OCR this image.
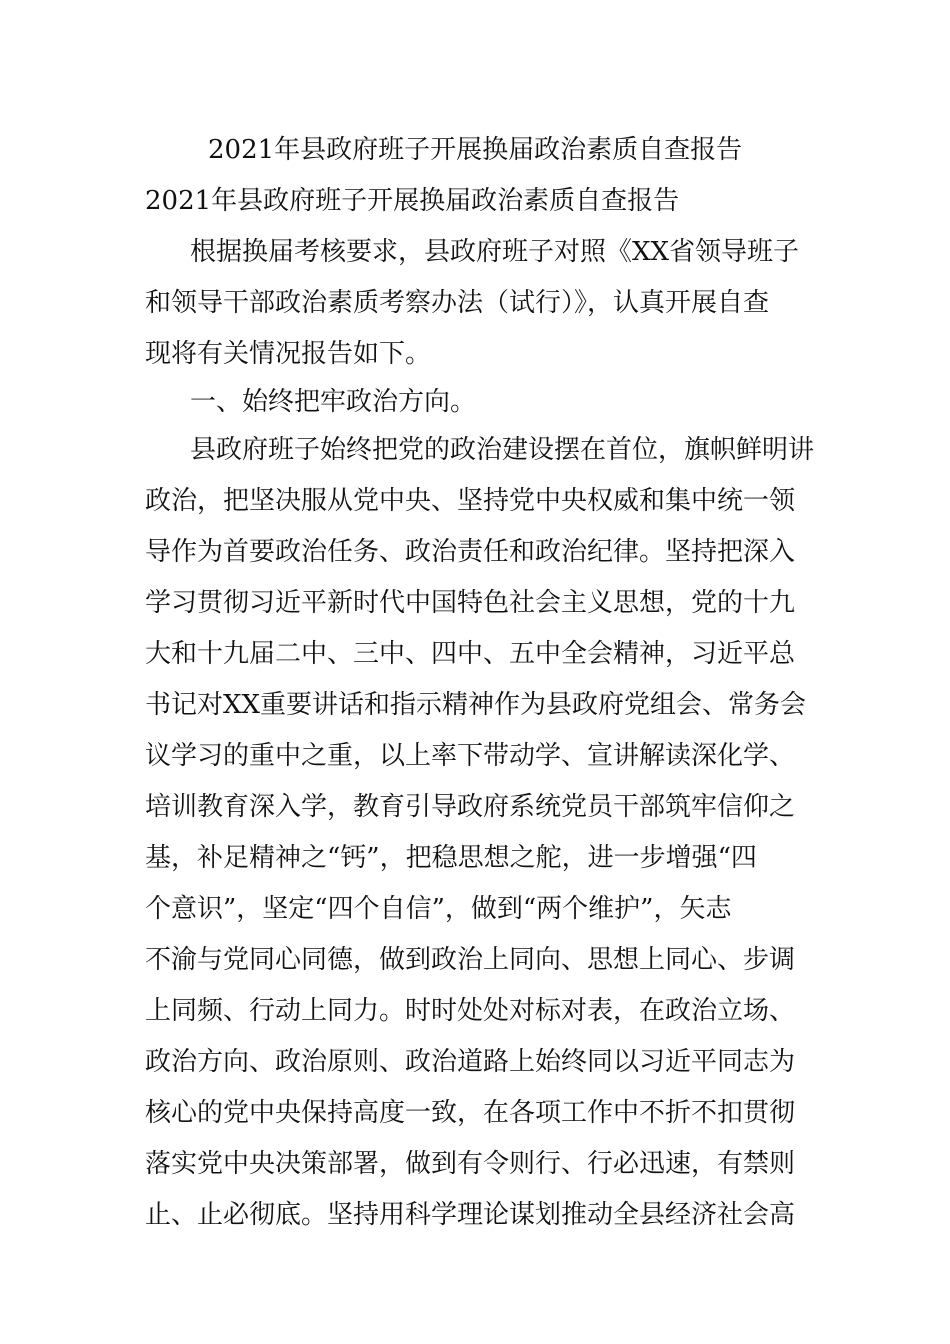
2021年县政府班子开展换届政治素质自查报告
2021年县政府班子开展换届政治素质自查报告
根据换届考核要求，县政府班子对照《XX省领导班子
和领导干部政治素质考察办法（试行）》，认真开展自查
现将有关情况报告如下。
一、始终把牢政治方向。
县政府班子始终把党的政治建设摆在首位，旗帜鲜明讲
政治，把坚决服从党中央、坚持党中央权威和集中统一领
导作为首要政治任务、政治责任和政治纪律。坚持把深入
学习贯彻习近平新时代中国特色社会主义思想，党的十九
大和十九届二中、三中、四中、五中全会精神，习近平总
书记对XX重要讲话和指示精神作为县政府党组会、常务会
议学习的重中之重，以上率下带动学、宣讲解读深化学、
培训教育深入学，教育引导政府系统党员干部筑牢信仰之
基，补足精神之“钙”，把稳思想之舵，进一步增强“四
个意识”，坚定“四个自信”，做到“两个维护”，矢志
不渝与党同心同德，做到政治上同向、思想上同心、步调
上同频、行动上同力。时时处处对标对表，在政治立场、
政治方向、政治原则、政治道路上始终同以习近平同志为
核心的党中央保持高度一致，在各项工作中不折不扣贯彻
落实党中央决策部署，做到有令则行、行必迅速，有禁则
止、止必彻底。坚持用科学理论谋划推动全县经济社会高
